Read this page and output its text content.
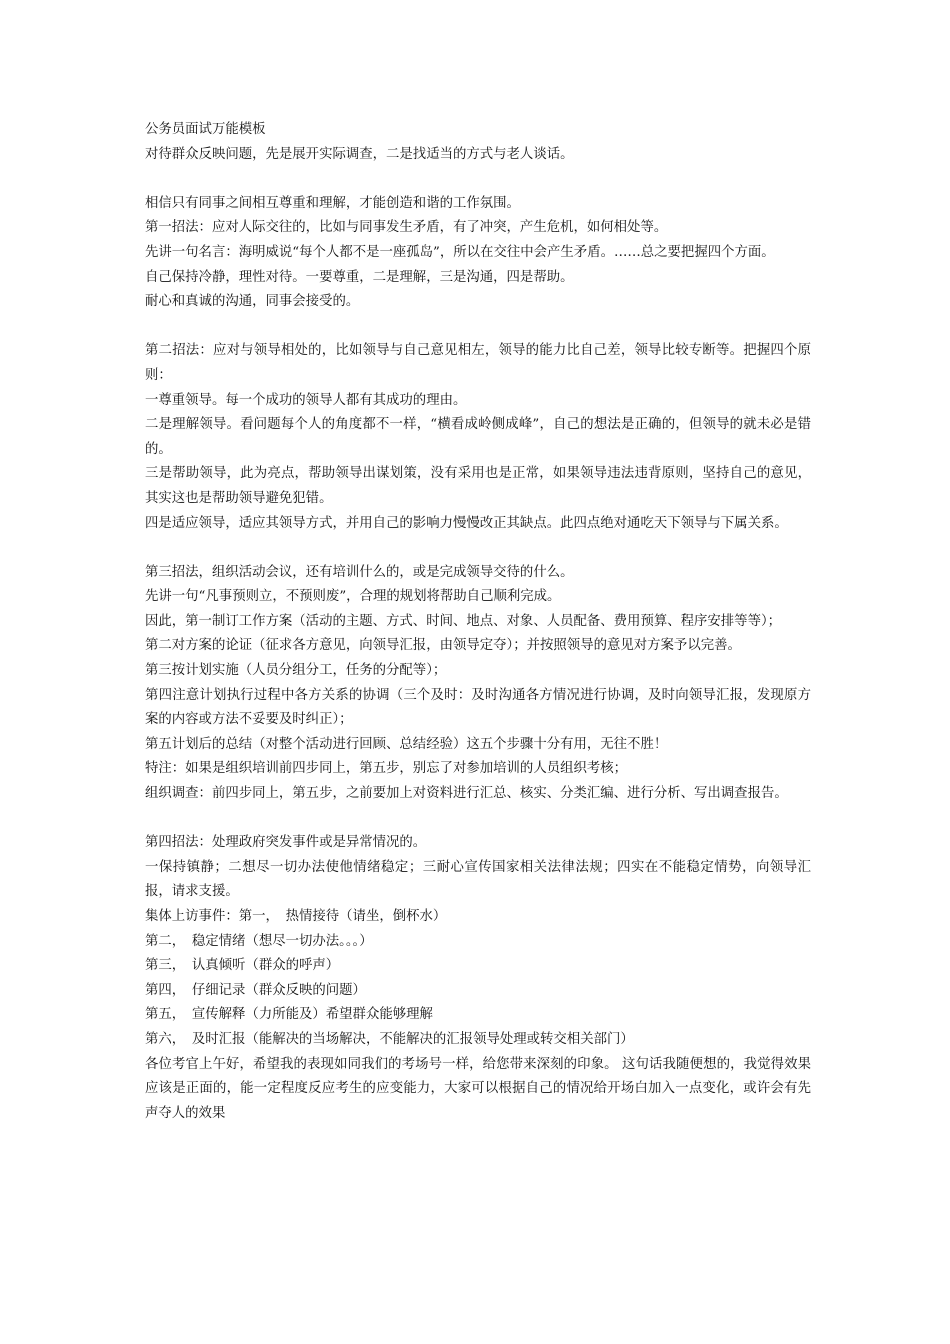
公务员面试万能模板

对待群众反映问题，先是展开实际调查，二是找适当的方式与老人谈话。

相信只有同事之间相互尊重和理解，才能创造和谐的工作氛围。

第一招法：应对人际交往的，比如与同事发生矛盾，有了冲突，产生危机，如何相处等。

先讲一句名言：海明威说“每个人都不是一座孤岛”，所以在交往中会产生矛盾。……总之要把握四个方面。

自己保持冷静，理性对待。一要尊重，二是理解，三是沟通，四是帮助。

耐心和真诚的沟通，同事会接受的。

第二招法：应对与领导相处的，比如领导与自己意见相左，领导的能力比自己差，领导比较专断等。把握四个原则：

一尊重领导。每一个成功的领导人都有其成功的理由。

二是理解领导。看问题每个人的角度都不一样，“横看成岭侧成峰”，自己的想法是正确的，但领导的就未必是错的。

三是帮助领导，此为亮点，帮助领导出谋划策，没有采用也是正常，如果领导违法违背原则，坚持自己的意见，其实这也是帮助领导避免犯错。

四是适应领导，适应其领导方式，并用自己的影响力慢慢改正其缺点。此四点绝对通吃天下领导与下属关系。

第三招法，组织活动会议，还有培训什么的，或是完成领导交待的什么。

先讲一句“凡事预则立，不预则废”，合理的规划将帮助自己顺利完成。

因此，第一制订工作方案（活动的主题、方式、时间、地点、对象、人员配备、费用预算、程序安排等等）；

第二对方案的论证（征求各方意见，向领导汇报，由领导定夺）；并按照领导的意见对方案予以完善。

第三按计划实施（人员分组分工，任务的分配等）；

第四注意计划执行过程中各方关系的协调（三个及时：及时沟通各方情况进行协调，及时向领导汇报，发现原方案的内容或方法不妥要及时纠正）；

第五计划后的总结（对整个活动进行回顾、总结经验）这五个步骤十分有用，无往不胜！

特注：如果是组织培训前四步同上，第五步，别忘了对参加培训的人员组织考核；

组织调查：前四步同上，第五步，之前要加上对资料进行汇总、核实、分类汇编、进行分析、写出调查报告。

第四招法：处理政府突发事件或是异常情况的。

一保持镇静；二想尽一切办法使他情绪稳定；三耐心宣传国家相关法律法规；四实在不能稳定情势，向领导汇报，请求支援。

集体上访事件：第一，　热情接待（请坐，倒杯水）

第二，　稳定情绪（想尽一切办法。。。）

第三，　认真倾听（群众的呼声）

第四，　仔细记录（群众反映的问题）

第五，　宣传解释（力所能及）希望群众能够理解

第六，　及时汇报（能解决的当场解决，不能解决的汇报领导处理或转交相关部门）

各位考官上午好，希望我的表现如同我们的考场号一样，给您带来深刻的印象。 这句话我随便想的，我觉得效果应该是正面的，能一定程度反应考生的应变能力，大家可以根据自己的情况给开场白加入一点变化，或许会有先声夺人的效果
